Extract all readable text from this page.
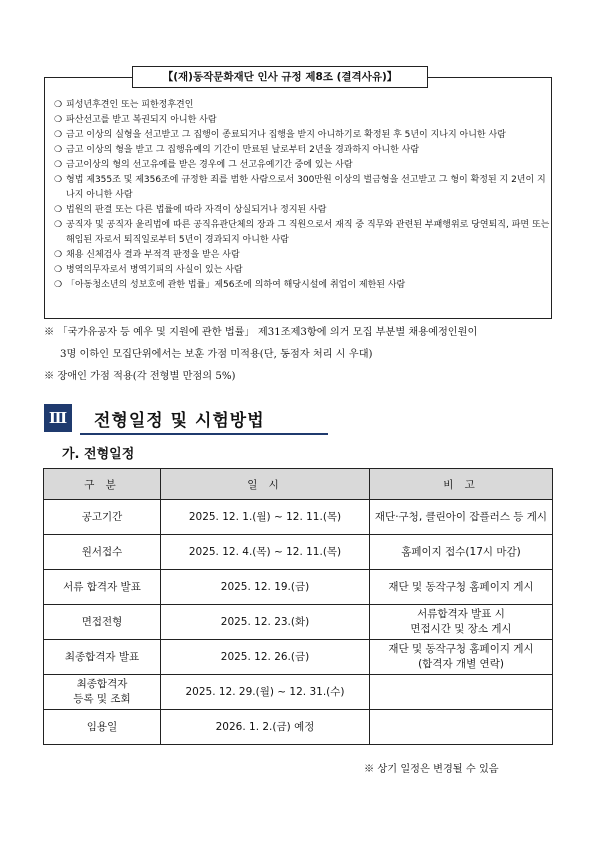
【(재)동작문화재단 인사 규정 제8조 (결격사유)】
❍ 피성년후견인 또는 피한정후견인
❍ 파산선고를 받고 복권되지 아니한 사람
❍ 금고 이상의 실형을 선고받고 그 집행이 종료되거나 집행을 받지 아니하기로 확정된 후 5년이 지나지 아니한 사람
❍ 금고 이상의 형을 받고 그 집행유예의 기간이 만료된 날로부터 2년을 경과하지 아니한 사람
❍ 금고이상의 형의 선고유예를 받은 경우에 그 선고유예기간 중에 있는 사람
❍ 형법 제355조 및 제356조에 규정한 죄를 범한 사람으로서 300만원 이상의 벌금형을 선고받고 그 형이 확정된 지 2년이 지나지 아니한 사람
❍ 법원의 판결 또는 다른 법률에 따라 자격이 상실되거나 정지된 사람
❍ 공직자 및 공직자 윤리법에 따른 공직유관단체의 장과 그 직원으로서 재직 중 직무와 관련된 부패행위로 당연퇴직, 파면 또는 해임된 자로서 퇴직일로부터 5년이 경과되지 아니한 사람
❍ 채용 신체검사 결과 부적격 판정을 받은 사람
❍ 병역의무자로서 병역기피의 사실이 있는 사람
❍ 「아동청소년의 성보호에 관한 법률」제56조에 의하여 해당시설에 취업이 제한된 사람
※ 「국가유공자 등 예우 및 지원에 관한 법률」 제31조제3항에 의거 모집 부분별 채용예정인원이
3명 이하인 모집단위에서는 보훈 가점 미적용(단, 동점자 처리 시 우대)
※ 장애인 가점 적용(각 전형별 만점의 5%)
Ⅲ 전형일정 및 시험방법
가. 전형일정
구 분	일 시	비 고
공고기간	2025. 12. 1.(월) ~ 12. 11.(목)	재단·구청, 클린아이 잡플러스 등 게시
원서접수	2025. 12. 4.(목) ~ 12. 11.(목)	홈페이지 접수(17시 마감)
서류 합격자 발표	2025. 12. 19.(금)	재단 및 동작구청 홈페이지 게시
면접전형	2025. 12. 23.(화)	서류합격자 발표 시
면접시간 및 장소 게시

최종합격자 발표	2025. 12. 26.(금)	재단 및 동작구청 홈페이지 게시
(합격자 개별 연락)

최종합격자
등록 및 조회	2025. 12. 29.(월) ~ 12. 31.(수)	
임용일	2026. 1. 2.(금) 예정	
※ 상기 일정은 변경될 수 있음
